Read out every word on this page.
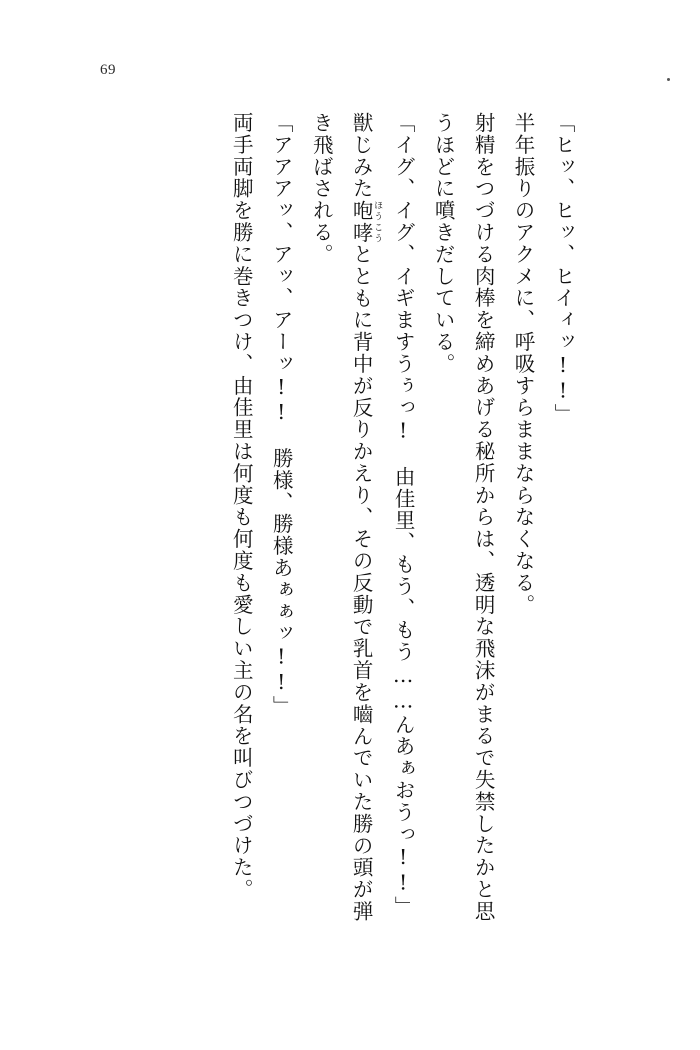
69

「ヒッ、ヒッ、ヒイィッ!!」

半年振りのアクメに、呼吸すらままならなくなる。

射精をつづける肉棒を締めあげる秘所からは、透明な飛沫がまるで失禁したかと思うほどに噴きだしている。

「イグ、イグ、イギますうぅっ!　由佳里、もう、もう……んあぁおうっ!!」

獣じみた咆哮 ほうこうとともに背中が反りかえり、その反動で乳首を嚙んでいた勝の頭が弾き飛ばされる。

「アアアッ、アッ、アーッ!!　勝様、勝様あぁぁッ!!」

両手両脚を勝に巻きつけ、由佳里は何度も何度も愛しい主の名を叫びつづけた。
